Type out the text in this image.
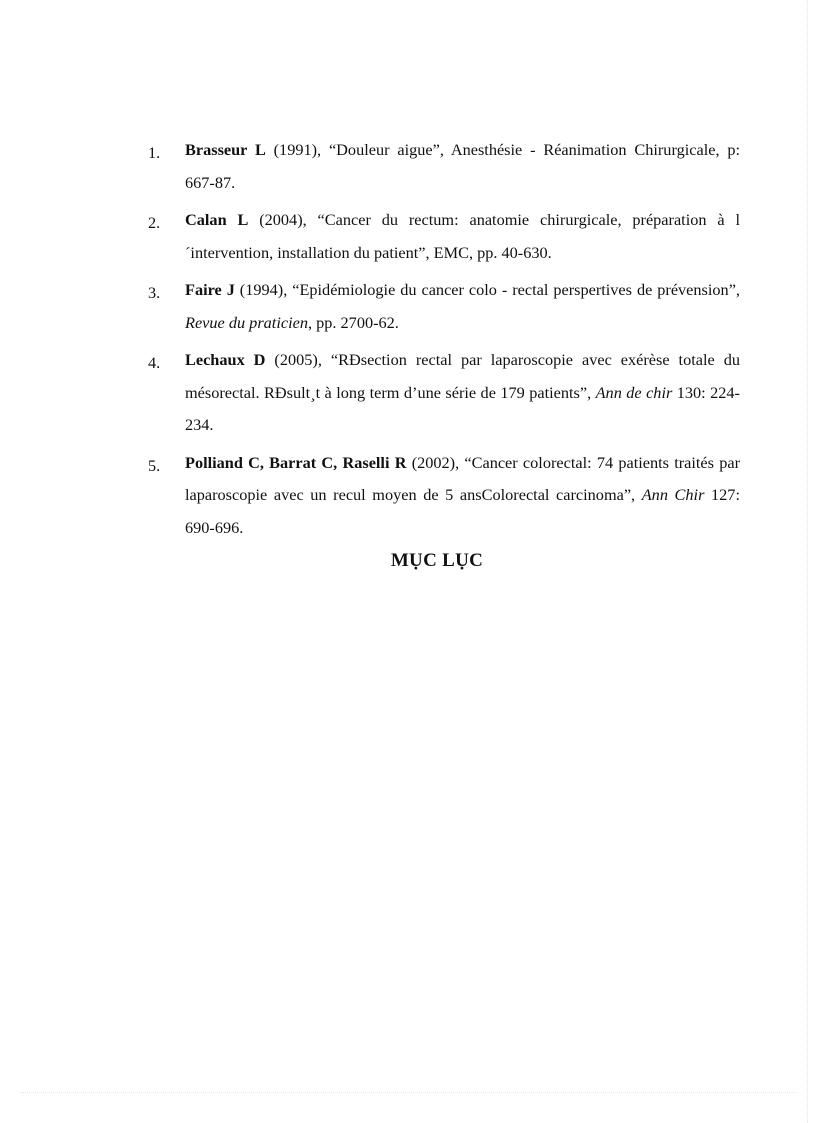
1. Brasseur L (1991), “Douleur aigue”, Anesthésie - Réanimation Chirurgicale, p: 667-87.
2. Calan L (2004), “Cancer du rectum: anatomie chirurgicale, préparation à l´intervention, installation du patient”, EMC, pp. 40-630.
3. Faire J (1994), “Epidémiologie du cancer colo - rectal perspertives de prévension”, Revue du praticien, pp. 2700-62.
4. Lechaux D (2005), “RÐsection rectal par laparoscopie avec exérèse totale du mésorectal. RÐsult¸t à long term d’une série de 179 patients”, Ann de chir 130: 224-234.
5. Polliand C, Barrat C, Raselli R (2002), “Cancer colorectal: 74 patients traités par laparoscopie avec un recul moyen de 5 ansColorectal carcinoma”, Ann Chir 127: 690-696.
MỤC LỤC
